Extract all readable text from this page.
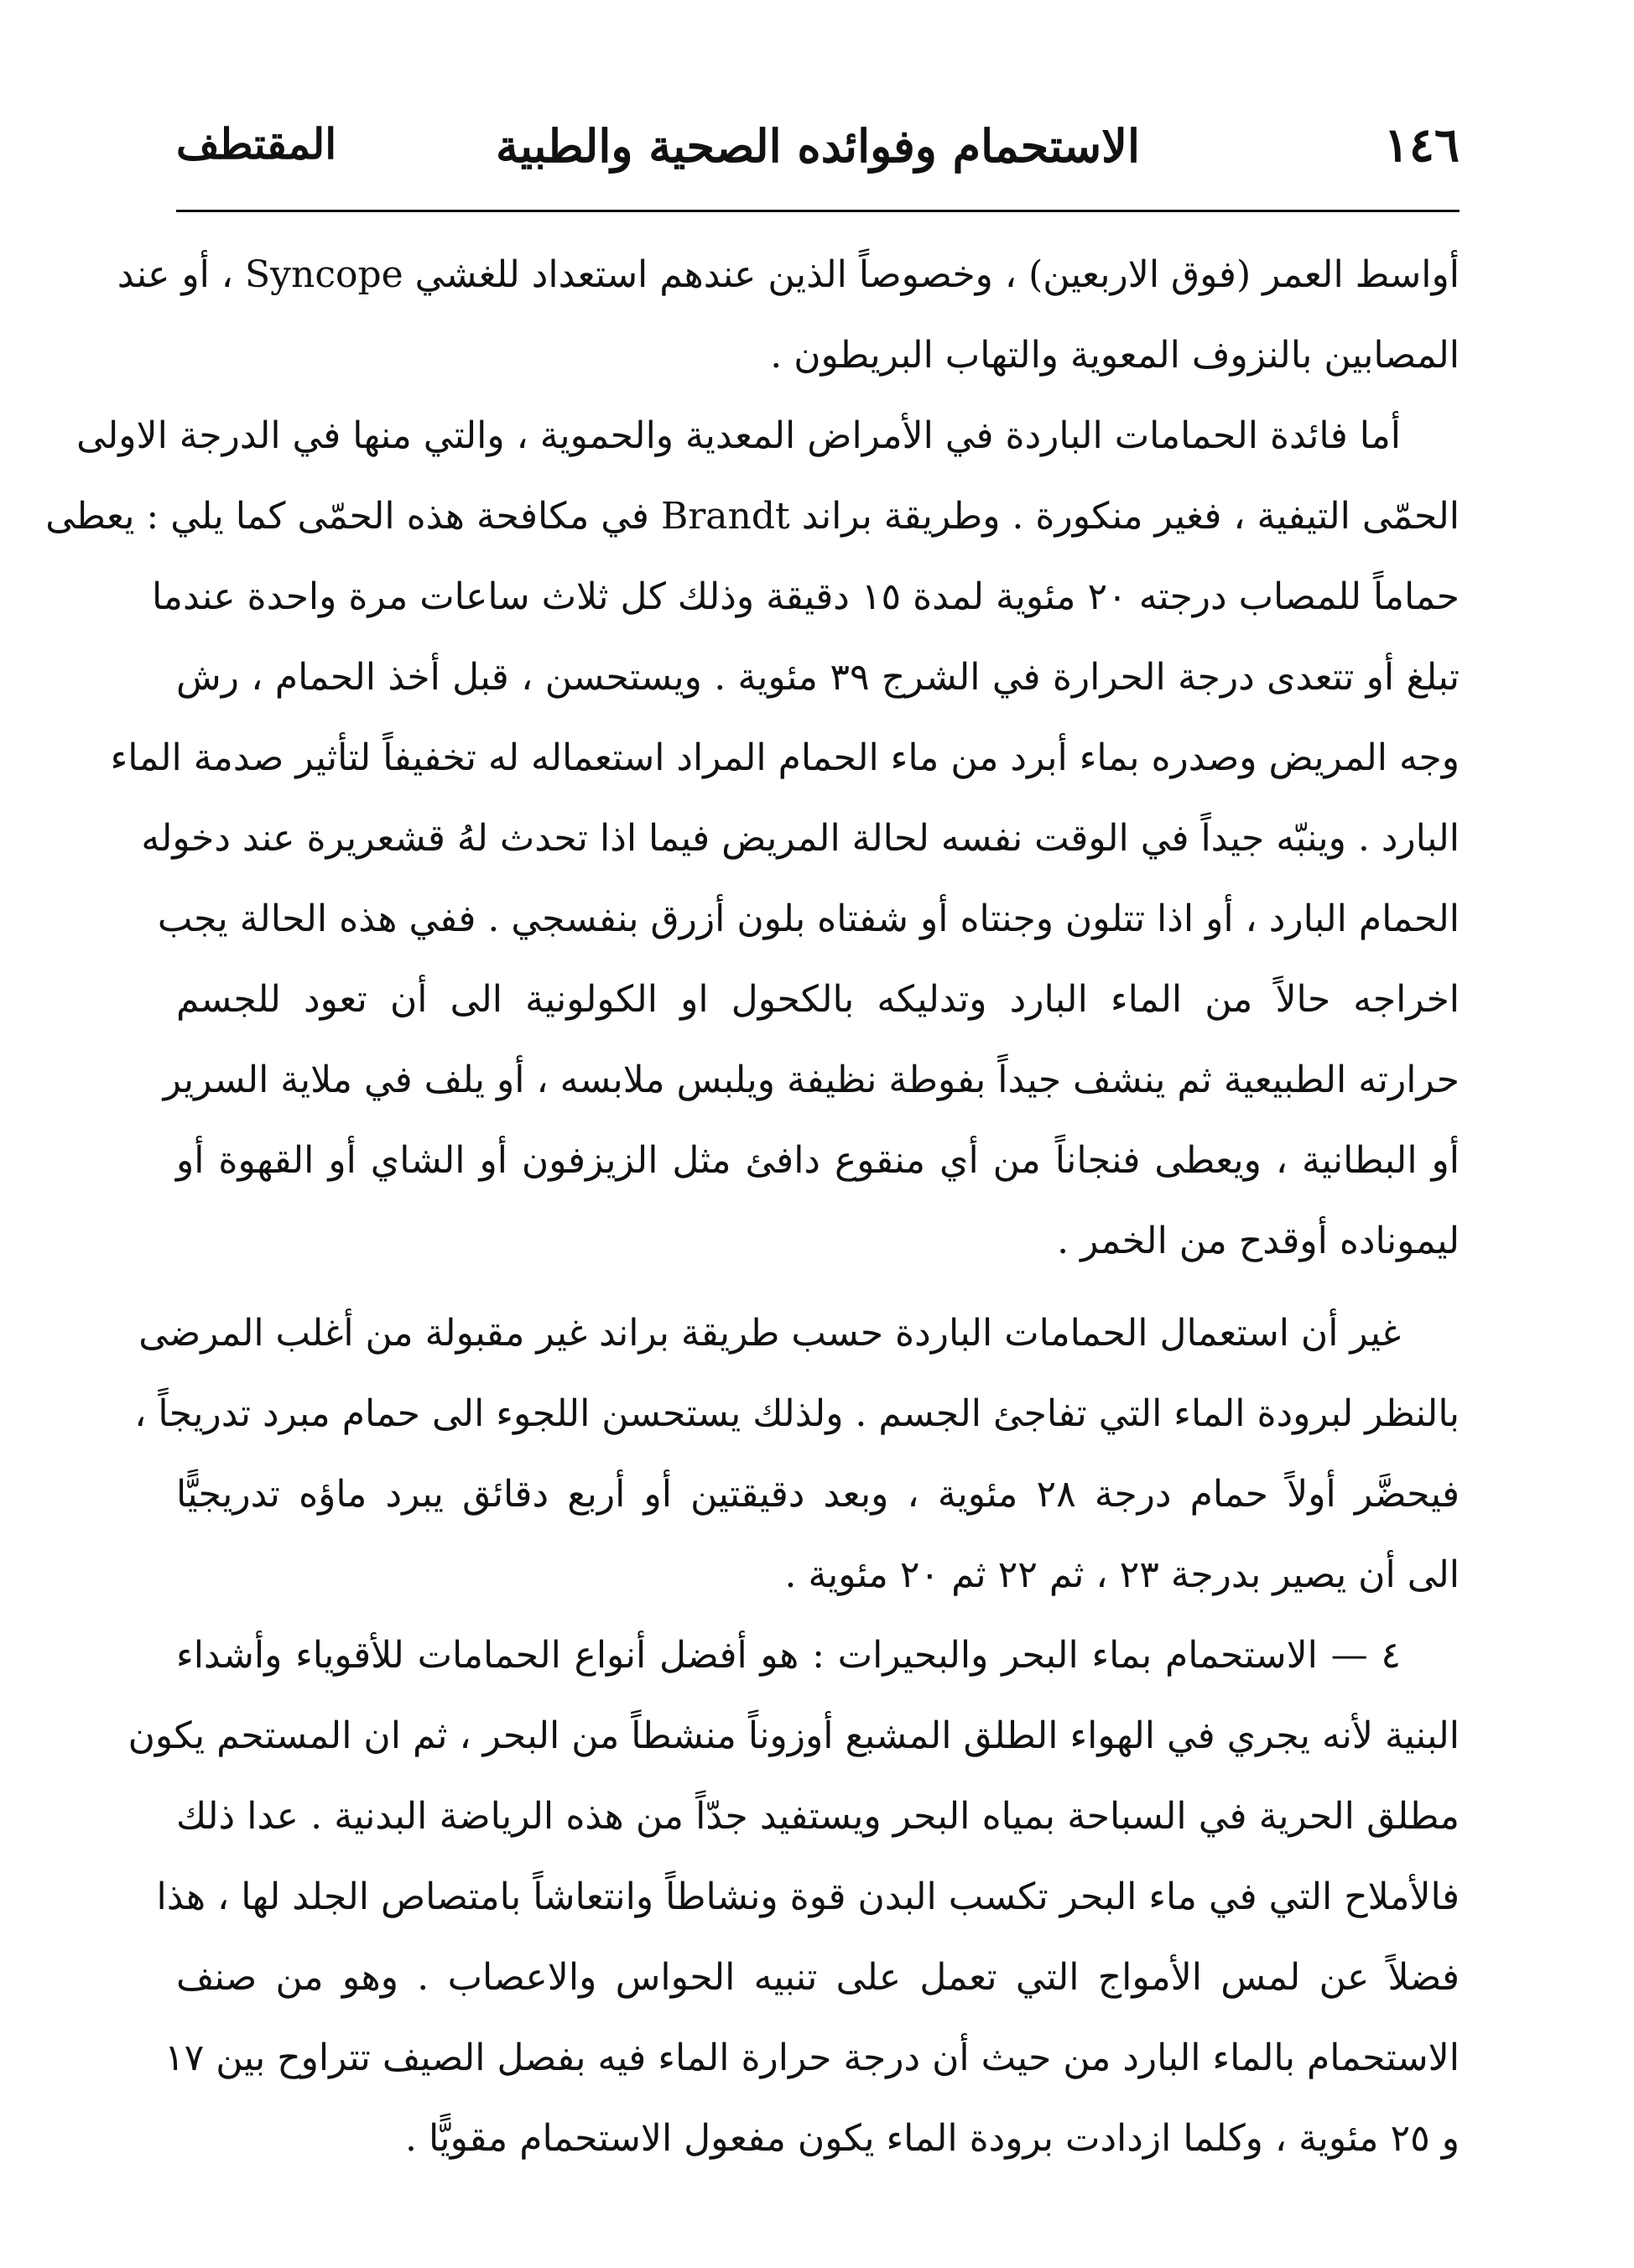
١٤٦
الاستحمام وفوائده الصحية والطبية
المقتطف
أواسط العمر (فوق الاربعين) ، وخصوصاً الذين عندهم استعداد للغشي Syncope ، أو عند
المصابين بالنزوف المعوية والتهاب البريطون .
أما فائدة الحمامات الباردة في الأمراض المعدية والحموية ، والتي منها في الدرجة الاولى
الحمّى التيفية ، فغير منكورة . وطريقة براند Brandt في مكافحة هذه الحمّى كما يلي : يعطى
حماماً للمصاب درجته ٢٠ مئوية لمدة ١٥ دقيقة وذلك كل ثلاث ساعات مرة واحدة عندما
تبلغ أو تتعدى درجة الحرارة في الشرج ٣٩ مئوية . ويستحسن ، قبل أخذ الحمام ، رش
وجه المريض وصدره بماء أبرد من ماء الحمام المراد استعماله له تخفيفاً لتأثير صدمة الماء
البارد . وينبّه جيداً في الوقت نفسه لحالة المريض فيما اذا تحدث لهُ قشعريرة عند دخوله
الحمام البارد ، أو اذا تتلون وجنتاه أو شفتاه بلون أزرق بنفسجي . ففي هذه الحالة يجب
اخراجه حالاً من الماء البارد وتدليكه بالكحول او الكولونية الى أن تعود للجسم
حرارته الطبيعية ثم ينشف جيداً بفوطة نظيفة ويلبس ملابسه ، أو يلف في ملاية السرير
أو البطانية ، ويعطى فنجاناً من أي منقوع دافئ مثل الزيزفون أو الشاي أو القهوة أو
ليموناده أوقدح من الخمر .
غير أن استعمال الحمامات الباردة حسب طريقة براند غير مقبولة من أغلب المرضى
بالنظر لبرودة الماء التي تفاجئ الجسم . ولذلك يستحسن اللجوء الى حمام مبرد تدريجاً ،
فيحضَّر أولاً حمام درجة ٢٨ مئوية ، وبعد دقيقتين أو أربع دقائق يبرد ماؤه تدريجيًّا
الى أن يصير بدرجة ٢٣ ، ثم ٢٢ ثم ٢٠ مئوية .
٤ — الاستحمام بماء البحر والبحيرات : هو أفضل أنواع الحمامات للأقوياء وأشداء
البنية لأنه يجري في الهواء الطلق المشبع أوزوناً منشطاً من البحر ، ثم ان المستحم يكون
مطلق الحرية في السباحة بمياه البحر ويستفيد جدّاً من هذه الرياضة البدنية . عدا ذلك
فالأملاح التي في ماء البحر تكسب البدن قوة ونشاطاً وانتعاشاً بامتصاص الجلد لها ، هذا
فضلاً عن لمس الأمواج التي تعمل على تنبيه الحواس والاعصاب . وهو من صنف
الاستحمام بالماء البارد من حيث أن درجة حرارة الماء فيه بفصل الصيف تتراوح بين ١٧
و ٢٥ مئوية ، وكلما ازدادت برودة الماء يكون مفعول الاستحمام مقويًّا .
